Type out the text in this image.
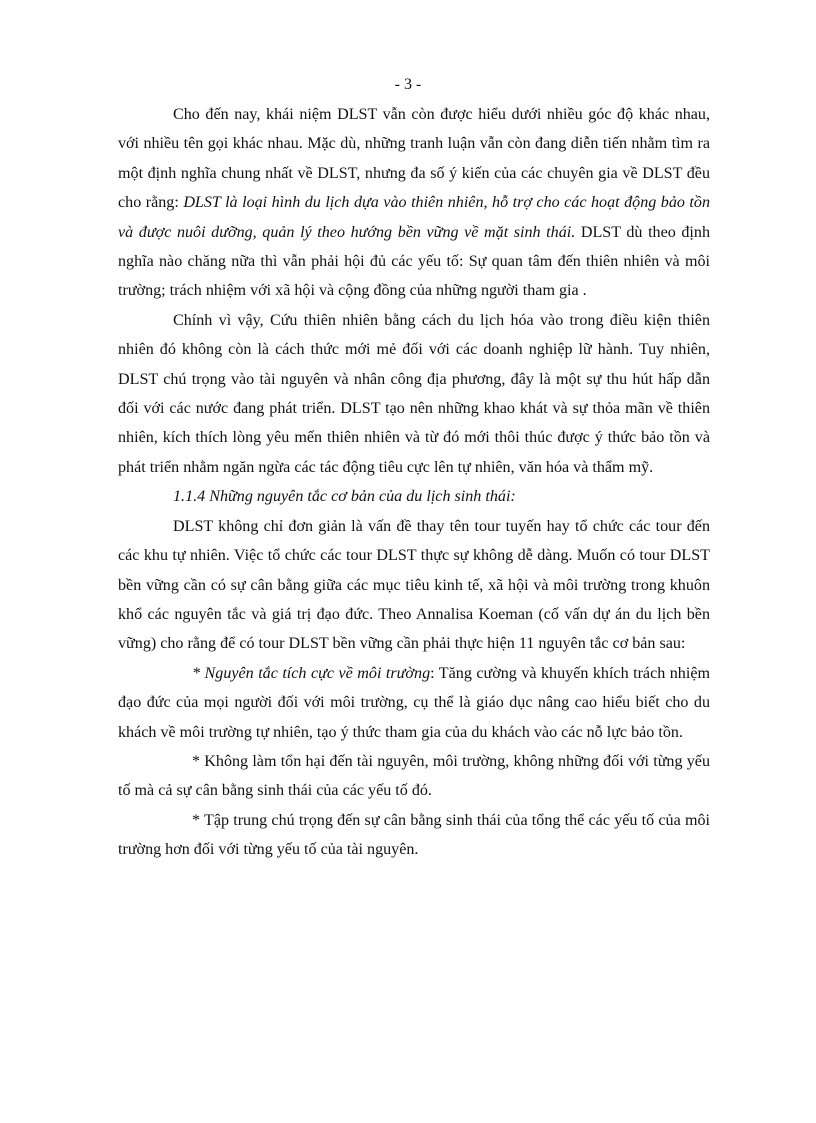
- 3 -

Cho đến nay, khái niệm DLST vẫn còn được hiểu dưới nhiều góc độ khác nhau, với nhiều tên gọi khác nhau. Mặc dù, những tranh luận vẫn còn đang diễn tiến nhằm tìm ra một định nghĩa chung nhất về DLST, nhưng đa số ý kiến của các chuyên gia về DLST đều cho rằng: DLST là loại hình du lịch dựa vào thiên nhiên, hỗ trợ cho các hoạt động bảo tồn và được nuôi dưỡng, quản lý theo hướng bền vững về mặt sinh thái. DLST dù theo định nghĩa nào chăng nữa thì vẫn phải hội đủ các yếu tố: Sự quan tâm đến thiên nhiên và môi trường; trách nhiệm với xã hội và cộng đồng của những người tham gia .

Chính vì vậy, Cứu thiên nhiên bằng cách du lịch hóa vào trong điều kiện thiên nhiên đó không còn là cách thức mới mẻ đối với các doanh nghiệp lữ hành. Tuy nhiên, DLST chú trọng vào tài nguyên và nhân công địa phương, đây là một sự thu hút hấp dẫn đối với các nước đang phát triển. DLST tạo nên những khao khát và sự thỏa mãn về thiên nhiên, kích thích lòng yêu mến thiên nhiên và từ đó mới thôi thúc được ý thức bảo tồn và phát triển nhằm ngăn ngừa các tác động tiêu cực lên tự nhiên, văn hóa và thẩm mỹ.

1.1.4 Những nguyên tắc cơ bản của du lịch sinh thái:

DLST không chỉ đơn giản là vấn đề thay tên tour tuyến hay tổ chức các tour đến các khu tự nhiên. Việc tổ chức các tour DLST thực sự không dễ dàng. Muốn có tour DLST bền vững cần có sự cân bằng giữa các mục tiêu kinh tế, xã hội và môi trường trong khuôn khổ các nguyên tắc và giá trị đạo đức. Theo Annalisa Koeman (cố vấn dự án du lịch bền vững) cho rằng để có tour DLST bền vững cần phải thực hiện 11 nguyên tắc cơ bản sau:

* Nguyên tắc tích cực về môi trường: Tăng cường và khuyến khích trách nhiệm đạo đức của mọi người đối với môi trường, cụ thể là giáo dục nâng cao hiểu biết cho du khách về môi trường tự nhiên, tạo ý thức tham gia của du khách vào các nỗ lực bảo tồn.

* Không làm tổn hại đến tài nguyên, môi trường, không những đối với từng yếu tố mà cả sự cân bằng sinh thái của các yếu tố đó.

* Tập trung chú trọng đến sự cân bằng sinh thái của tổng thể các yếu tố của môi trường hơn đối với từng yếu tố của tài nguyên.
